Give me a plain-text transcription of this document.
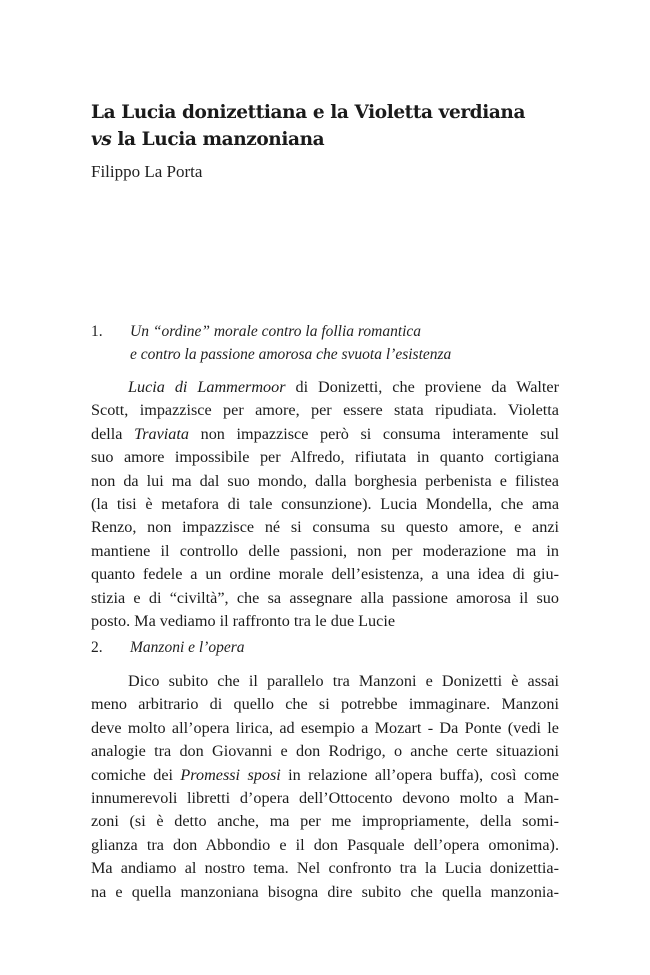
La Lucia donizettiana e la Violetta verdiana
vs la Lucia manzoniana
Filippo La Porta
1.	Un “ordine” morale contro la follia romantica
e contro la passione amorosa che svuota l’esistenza
Lucia di Lammermoor di Donizetti, che proviene da Walter
Scott, impazzisce per amore, per essere stata ripudiata. Violetta
della Traviata non impazzisce però si consuma interamente sul
suo amore impossibile per Alfredo, rifiutata in quanto cortigiana
non da lui ma dal suo mondo, dalla borghesia perbenista e filistea
(la tisi è metafora di tale consunzione). Lucia Mondella, che ama
Renzo, non impazzisce né si consuma su questo amore, e anzi
mantiene il controllo delle passioni, non per moderazione ma in
quanto fedele a un ordine morale dell’esistenza, a una idea di giu-
stizia e di “civiltà”, che sa assegnare alla passione amorosa il suo
posto. Ma vediamo il raffronto tra le due Lucie
2.	Manzoni e l’opera
Dico subito che il parallelo tra Manzoni e Donizetti è assai
meno arbitrario di quello che si potrebbe immaginare. Manzoni
deve molto all’opera lirica, ad esempio a Mozart - Da Ponte (vedi le
analogie tra don Giovanni e don Rodrigo, o anche certe situazioni
comiche dei Promessi sposi in relazione all’opera buffa), così come
innumerevoli libretti d’opera dell’Ottocento devono molto a Man-
zoni (si è detto anche, ma per me impropriamente, della somi-
glianza tra don Abbondio e il don Pasquale dell’opera omonima).
Ma andiamo al nostro tema. Nel confronto tra la Lucia donizettia-
na e quella manzoniana bisogna dire subito che quella manzonia-
